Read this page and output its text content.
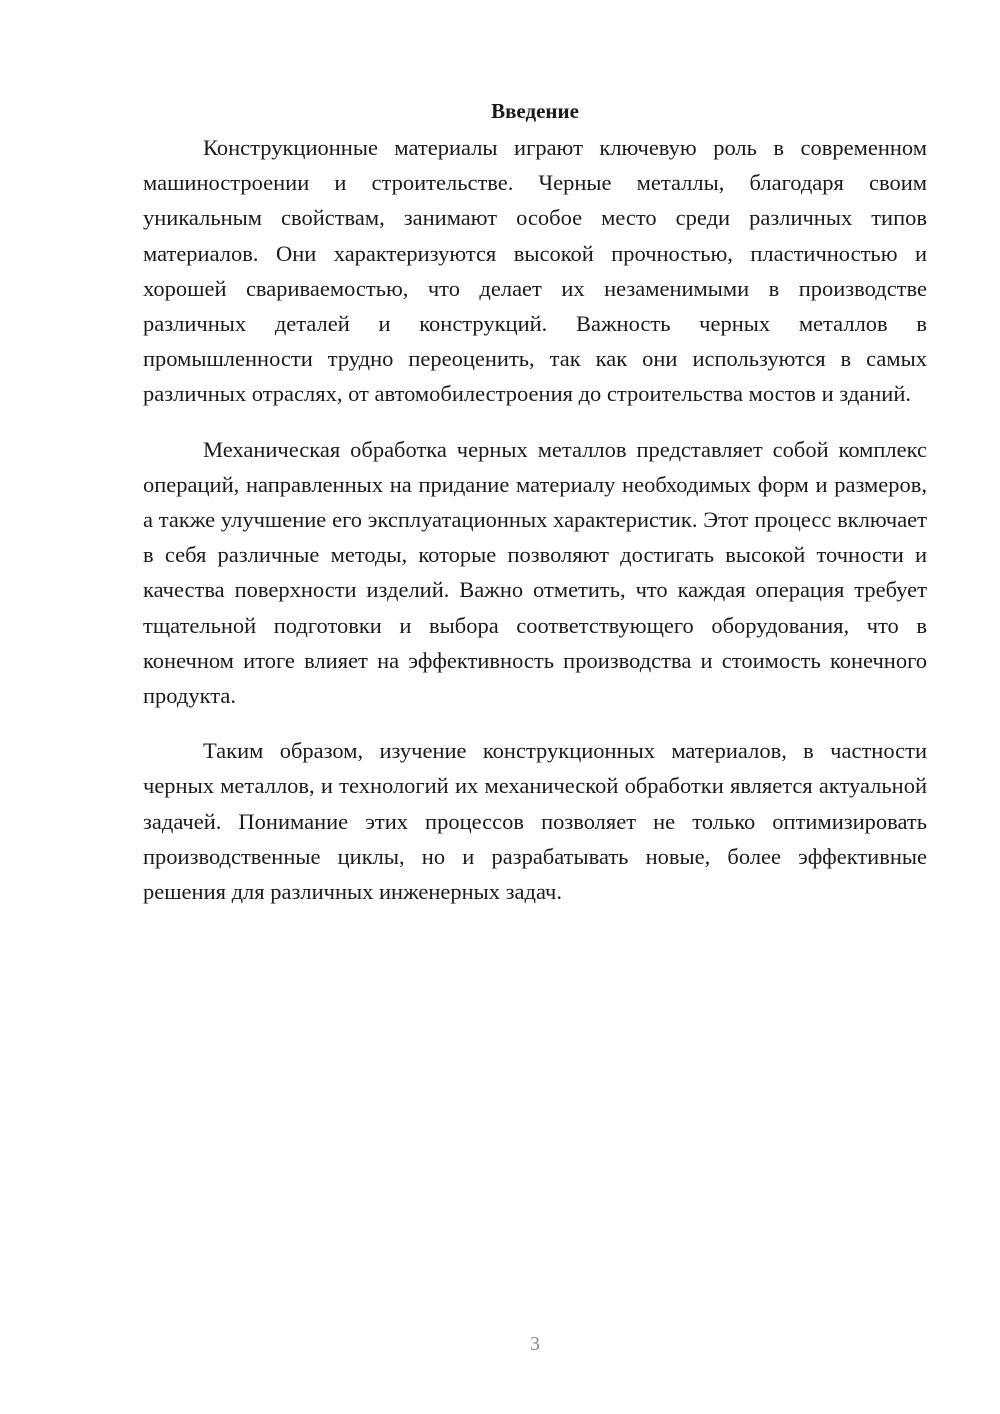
Введение

Конструкционные материалы играют ключевую роль в современном машиностроении и строительстве. Черные металлы, благодаря своим уникальным свойствам, занимают особое место среди различных типов материалов. Они характеризуются высокой прочностью, пластичностью и хорошей свариваемостью, что делает их незаменимыми в производстве различных деталей и конструкций. Важность черных металлов в промышленности трудно переоценить, так как они используются в самых различных отраслях, от автомобилестроения до строительства мостов и зданий.

Механическая обработка черных металлов представляет собой комплекс операций, направленных на придание материалу необходимых форм и размеров, а также улучшение его эксплуатационных характеристик. Этот процесс включает в себя различные методы, которые позволяют достигать высокой точности и качества поверхности изделий. Важно отметить, что каждая операция требует тщательной подготовки и выбора соответствующего оборудования, что в конечном итоге влияет на эффективность производства и стоимость конечного продукта.

Таким образом, изучение конструкционных материалов, в частности черных металлов, и технологий их механической обработки является актуальной задачей. Понимание этих процессов позволяет не только оптимизировать производственные циклы, но и разрабатывать новые, более эффективные решения для различных инженерных задач.

3
